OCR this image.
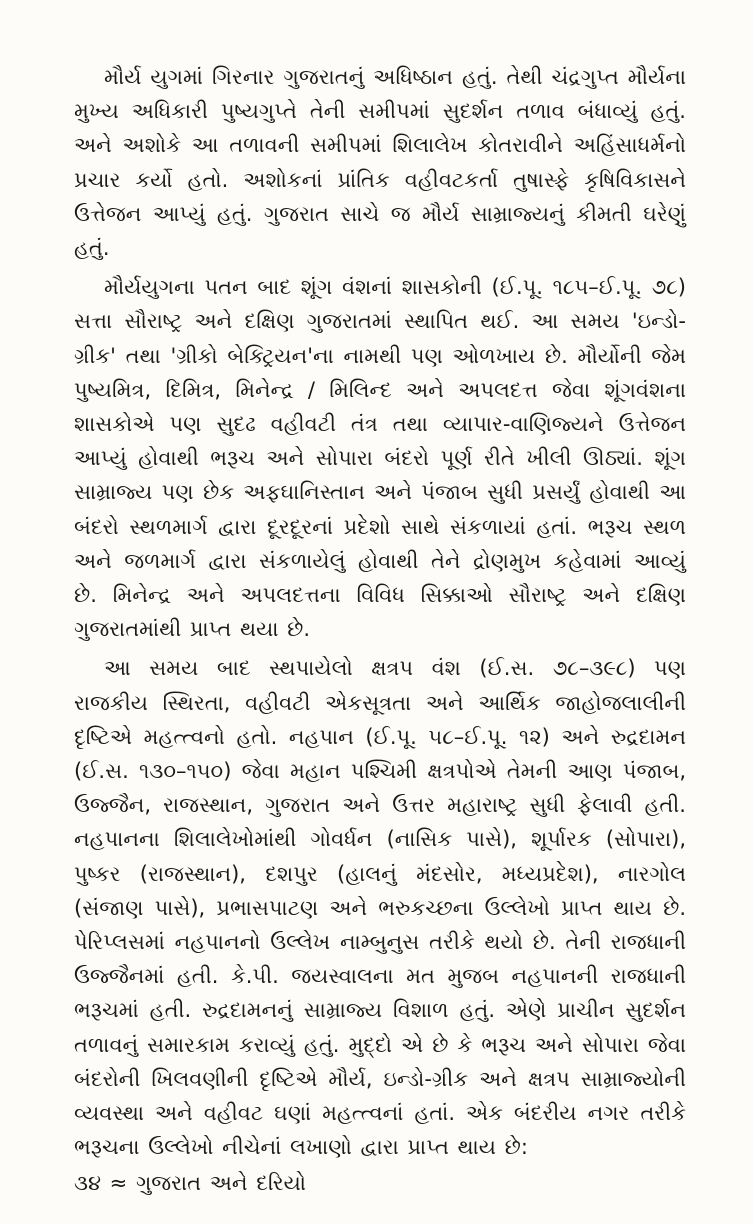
મૌર્ય યુગમાં ગિરનાર ગુજરાતનું અધિષ્ઠાન હતું. તેથી ચંદ્રગુપ્ત મૌર્યના મુખ્ય અધિકારી પુષ્યગુપ્તે તેની સમીપમાં સુદર્શન તળાવ બંધાવ્યું હતું. અને અશોકે આ તળાવની સમીપમાં શિલાલેખ કોતરાવીને અહિંસાધર્મનો પ્રચાર કર્યો હતો. અશોકનાં પ્રાંતિક વહીવટકર્તા તુષાસ્ફે કૃષિવિકાસને ઉત્તેજન આપ્યું હતું. ગુજરાત સાચે જ મૌર્ય સામ્રાજ્યનું કીમતી ઘરેણું હતું.

મૌર્યયુગના પતન બાદ શૂંગ વંશનાં શાસકોની (ઈ.પૂ. ૧૮૫–ઈ.પૂ. ૭૮) સત્તા સૌરાષ્ટ્ર અને દક્ષિણ ગુજરાતમાં સ્થાપિત થઈ. આ સમય 'ઇન્ડો-ગ્રીક' તથા 'ગ્રીકો બેક્ટ્રિયન'ના નામથી પણ ઓળખાય છે. મૌર્યોની જેમ પુષ્યમિત્ર, દિમિત્ર, મિનેન્દ્ર / મિલિન્દ અને અપલદત્ત જેવા શૂંગવંશના શાસકોએ પણ સુદઢ વહીવટી તંત્ર તથા વ્યાપાર-વાણિજ્યને ઉત્તેજન આપ્યું હોવાથી ભરૂચ અને સોપારા બંદરો પૂર્ણ રીતે ખીલી ઊઠ્યાં. શૂંગ સામ્રાજ્ય પણ છેક અફઘાનિસ્તાન અને પંજાબ સુધી પ્રસર્યું હોવાથી આ બંદરો સ્થળમાર્ગ દ્વારા દૂરદૂરનાં પ્રદેશો સાથે સંકળાયાં હતાં. ભરૂચ સ્થળ અને જળમાર્ગ દ્વારા સંકળાયેલું હોવાથી તેને દ્રોણમુખ કહેવામાં આવ્યું છે. મિનેન્દ્ર અને અપલદત્તના વિવિધ સિક્કાઓ સૌરાષ્ટ્ર અને દક્ષિણ ગુજરાતમાંથી પ્રાપ્ત થયા છે.

આ સમય બાદ સ્થપાયેલો ક્ષત્રપ વંશ (ઈ.સ. ૭૮–૩૯૮) પણ રાજકીય સ્થિરતા, વહીવટી એકસૂત્રતા અને આર્થિક જાહોજલાલીની દૃષ્ટિએ મહત્ત્વનો હતો. નહપાન (ઈ.પૂ. ૫૮–ઈ.પૂ. ૧૨) અને રુદ્રદામન (ઈ.સ. ૧૩૦–૧૫૦) જેવા મહાન પશ્ચિમી ક્ષત્રપોએ તેમની આણ પંજાબ, ઉજ્જૈન, રાજસ્થાન, ગુજરાત અને ઉત્તર મહારાષ્ટ્ર સુધી ફેલાવી હતી. નહપાનના શિલાલેખોમાંથી ગોવર્ધન (નાસિક પાસે), શૂર્પારક (સોપારા), પુષ્કર (રાજસ્થાન), દશપુર (હાલનું મંદસોર, મધ્યપ્રદેશ), નારગોલ (સંજાણ પાસે), પ્રભાસપાટણ અને ભરુકચ્છના ઉલ્લેખો પ્રાપ્ત થાય છે. પેરિપ્લસમાં નહપાનનો ઉલ્લેખ નામ્બુનુસ તરીકે થયો છે. તેની રાજધાની ઉજ્જૈનમાં હતી. કે.પી. જયસ્વાલના મત મુજબ નહપાનની રાજધાની ભરૂચમાં હતી. રુદ્રદામનનું સામ્રાજ્ય વિશાળ હતું. એણે પ્રાચીન સુદર્શન તળાવનું સમારકામ કરાવ્યું હતું. મુદ્દો એ છે કે ભરૂચ અને સોપારા જેવા બંદરોની ખિલવણીની દૃષ્ટિએ મૌર્ય, ઇન્ડો-ગ્રીક અને ક્ષત્રપ સામ્રાજ્યોની વ્યવસ્થા અને વહીવટ ઘણાં મહત્ત્વનાં હતાં. એક બંદરીય નગર તરીકે ભરૂચના ઉલ્લેખો નીચેનાં લખાણો દ્વારા પ્રાપ્ત થાય છે:

૩૪ ≈ ગુજરાત અને દરિયો
